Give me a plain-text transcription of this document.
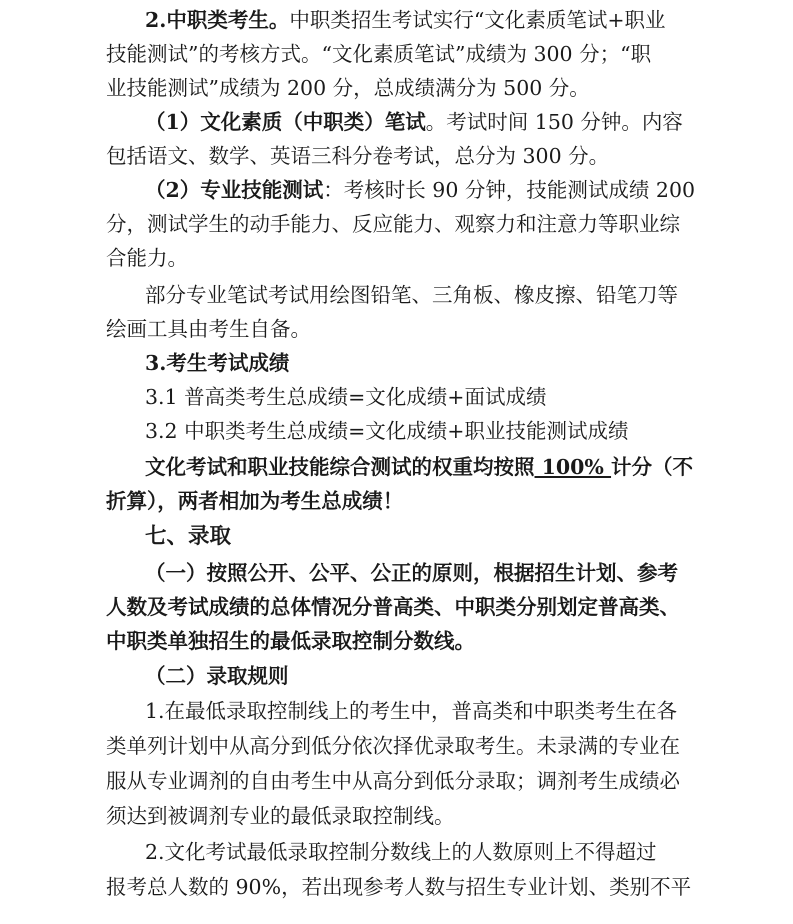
2.中职类考生。中职类招生考试实行“文化素质笔试+职业
技能测试”的考核方式。“文化素质笔试”成绩为 300 分；“职
业技能测试”成绩为 200 分，总成绩满分为 500 分。
（1）文化素质（中职类）笔试。考试时间 150 分钟。内容
包括语文、数学、英语三科分卷考试，总分为 300 分。
（2）专业技能测试：考核时长 90 分钟，技能测试成绩 200
分，测试学生的动手能力、反应能力、观察力和注意力等职业综
合能力。
部分专业笔试考试用绘图铅笔、三角板、橡皮擦、铅笔刀等
绘画工具由考生自备。
3.考生考试成绩
3.1 普高类考生总成绩=文化成绩+面试成绩
3.2 中职类考生总成绩=文化成绩+职业技能测试成绩
文化考试和职业技能综合测试的权重均按照 100% 计分（不
折算），两者相加为考生总成绩！
七、录取
（一）按照公开、公平、公正的原则，根据招生计划、参考
人数及考试成绩的总体情况分普高类、中职类分别划定普高类、
中职类单独招生的最低录取控制分数线。
（二）录取规则
1.在最低录取控制线上的考生中，普高类和中职类考生在各
类单列计划中从高分到低分依次择优录取考生。未录满的专业在
服从专业调剂的自由考生中从高分到低分录取；调剂考生成绩必
须达到被调剂专业的最低录取控制线。
2.文化考试最低录取控制分数线上的人数原则上不得超过
报考总人数的 90%，若出现参考人数与招生专业计划、类别不平
